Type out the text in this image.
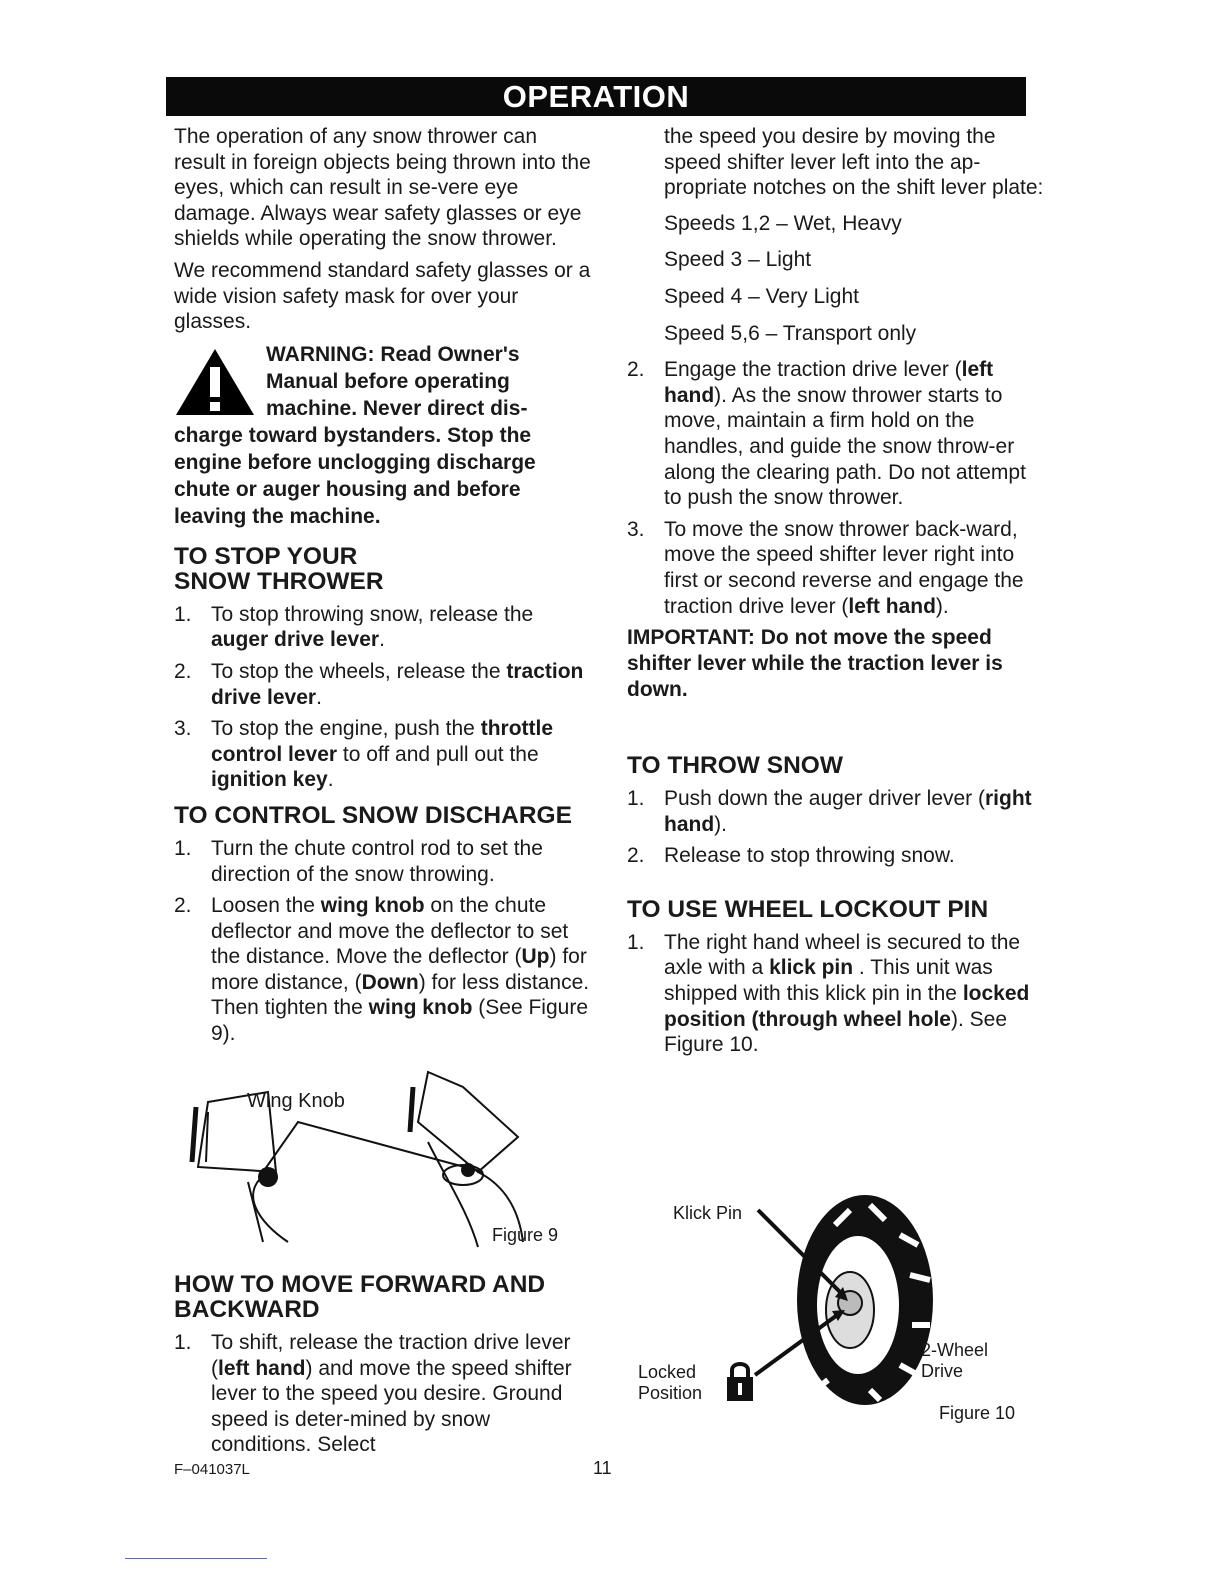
OPERATION

The operation of any snow thrower can result in foreign objects being thrown into the eyes, which can result in se-vere eye damage. Always wear safety glasses or eye shields while operating the snow thrower.

We recommend standard safety glasses or a wide vision safety mask for over your glasses.

WARNING: Read Owner's
Manual before operating
machine. Never direct dis-
charge toward bystanders. Stop the engine before unclogging discharge chute or auger housing and before leaving the machine.
TO STOP YOUR
SNOW THROWER
1. To stop throwing snow, release the auger drive lever.
2. To stop the wheels, release the traction drive lever.
3. To stop the engine, push the throttle control lever to off and pull out the ignition key.
TO CONTROL SNOW DISCHARGE
1. Turn the chute control rod to set the direction of the snow throwing.
2. Loosen the wing knob on the chute deflector and move the deflector to set the distance. Move the deflector (Up) for more distance, (Down) for less distance. Then tighten the wing knob (See Figure 9).
Wing Knob
Figure 9
HOW TO MOVE FORWARD AND
BACKWARD
1. To shift, release the traction drive lever (left hand) and move the speed shifter lever to the speed you desire. Ground speed is deter-mined by snow conditions. Select

the speed you desire by moving the speed shifter lever left into the ap-propriate notches on the shift lever plate:

Speeds 1,2 – Wet, Heavy

Speed 3 – Light

Speed 4 – Very Light

Speed 5,6 – Transport only

2. Engage the traction drive lever (left hand). As the snow thrower starts to move, maintain a firm hold on the handles, and guide the snow throw-er along the clearing path. Do not attempt to push the snow thrower.
3. To move the snow thrower back-ward, move the speed shifter lever right into first or second reverse and engage the traction drive lever (left hand).

IMPORTANT: Do not move the speed shifter lever while the traction lever is down.

TO THROW SNOW
1. Push down the auger driver lever (right hand).
2. Release to stop throwing snow.
TO USE WHEEL LOCKOUT PIN
1. The right hand wheel is secured to the axle with a klick pin . This unit was shipped with this klick pin in the locked position (through wheel hole). See Figure 10.
Klick Pin
Locked
Position
2-Wheel
Drive
Figure 10
F–041037L	11
